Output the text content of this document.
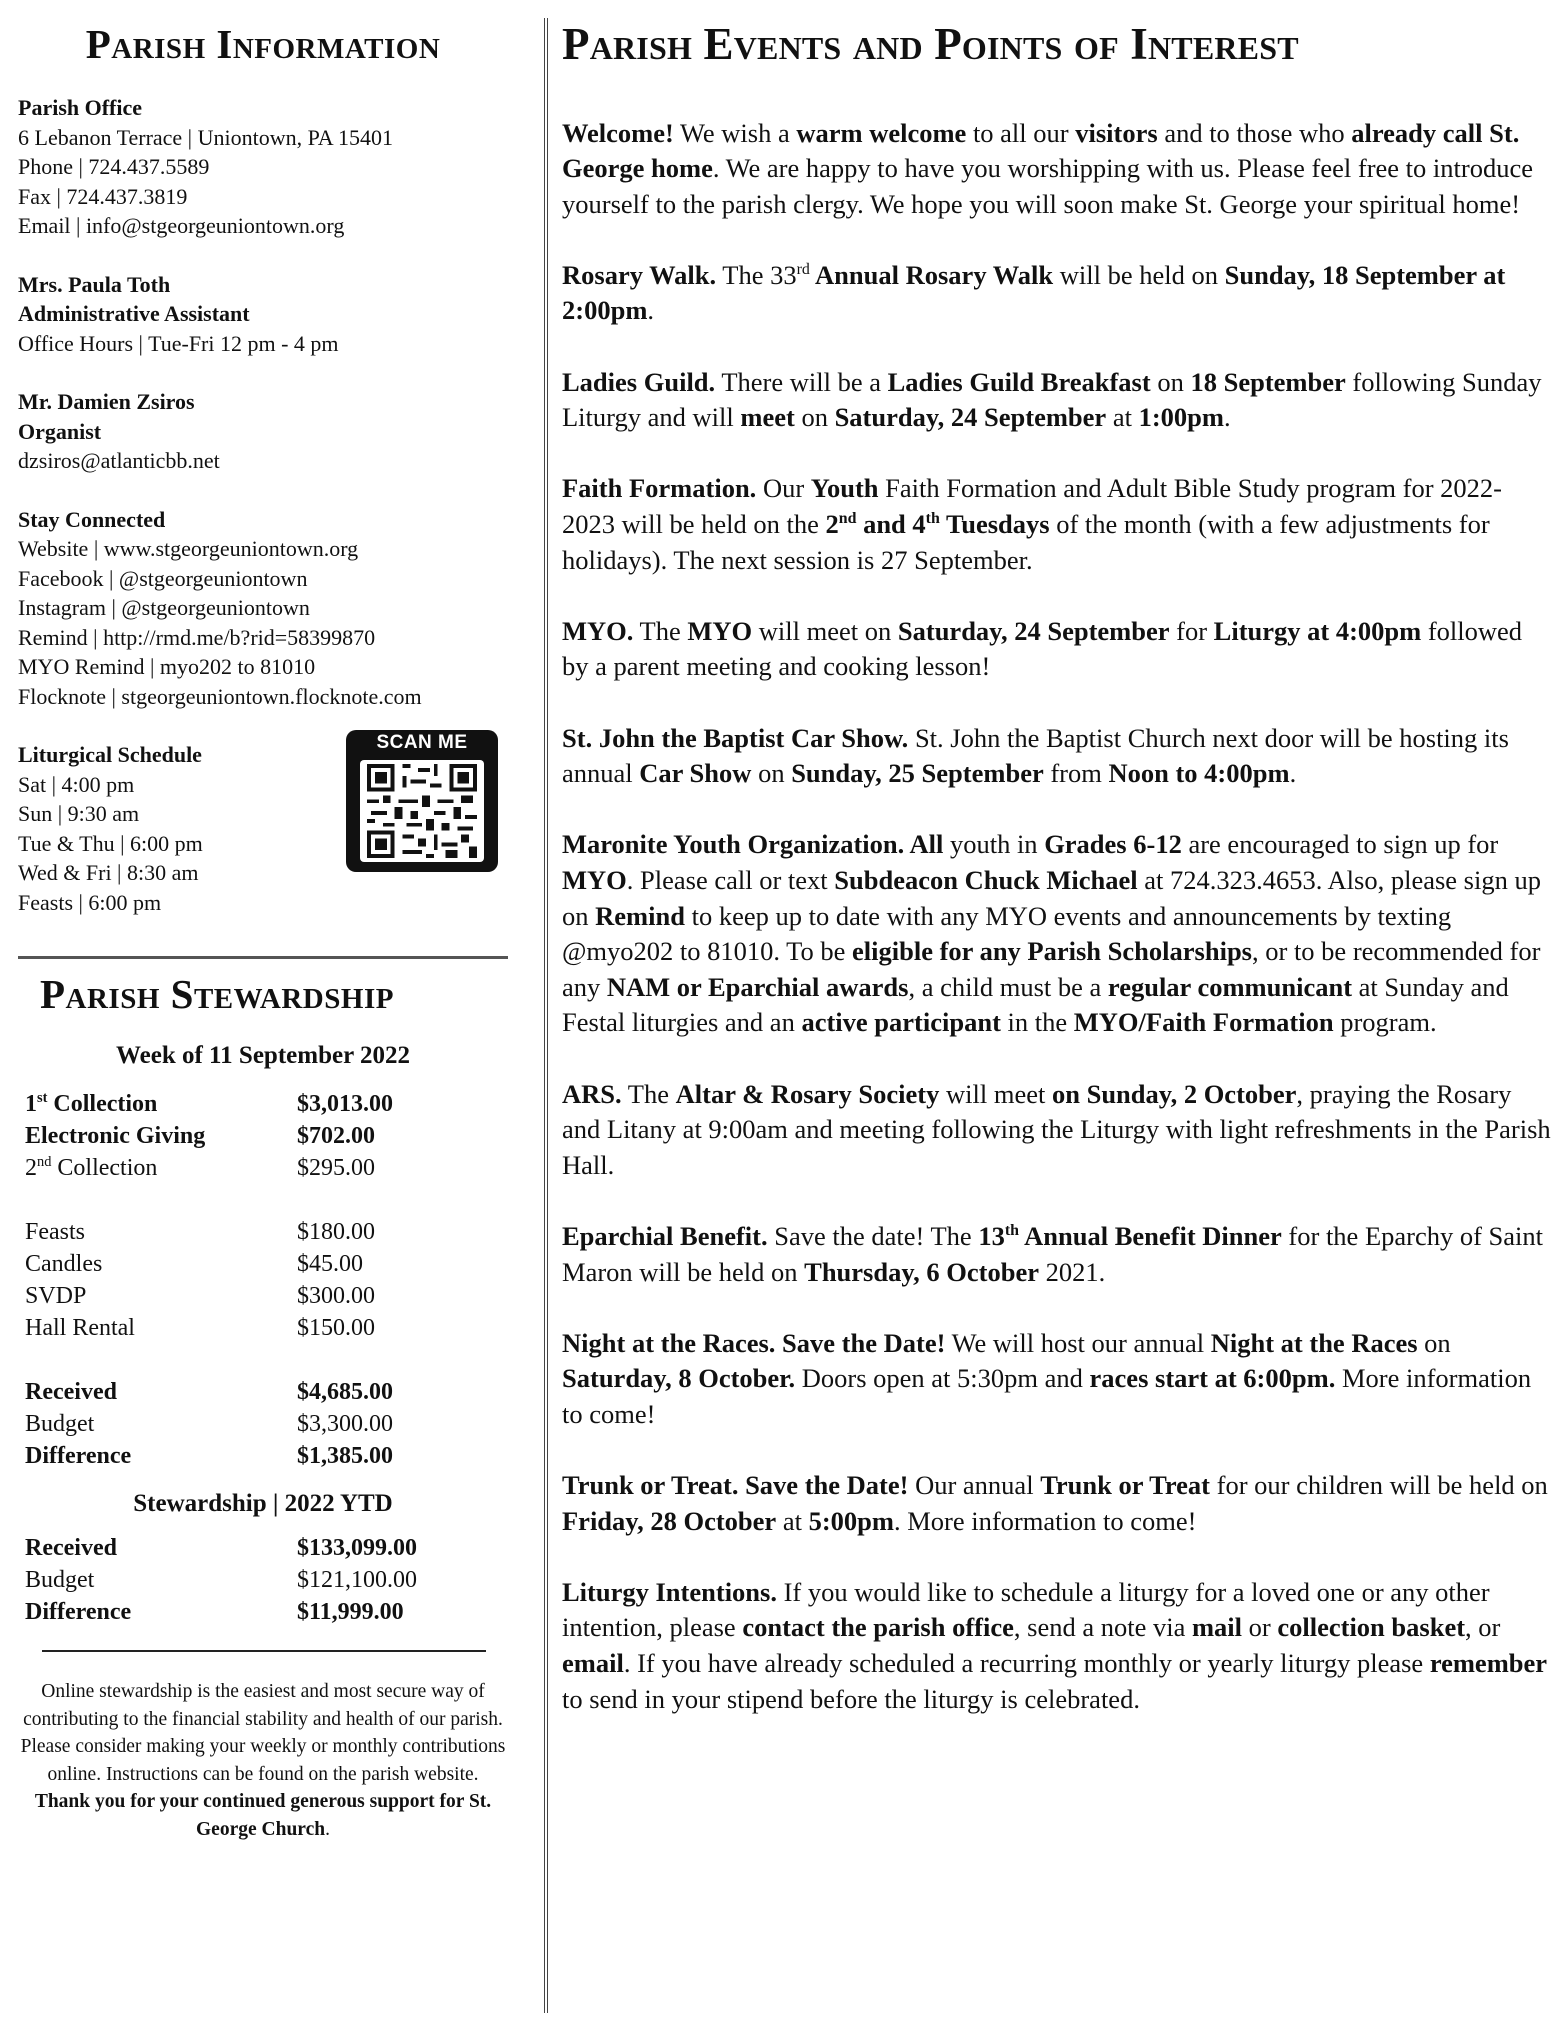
Parish Information

Parish Office

6 Lebanon Terrace | Uniontown, PA 15401

Phone | 724.437.5589

Fax | 724.437.3819

Email | info@stgeorgeuniontown.org

Mrs. Paula Toth

Administrative Assistant

Office Hours | Tue-Fri 12 pm - 4 pm

Mr. Damien Zsiros

Organist

dzsiros@atlanticbb.net

Stay Connected

Website | www.stgeorgeuniontown.org

Facebook | @stgeorgeuniontown

Instagram | @stgeorgeuniontown

Remind | http://rmd.me/b?rid=58399870

MYO Remind | myo202 to 81010

Flocknote | stgeorgeuniontown.flocknote.com

Liturgical Schedule

Sat | 4:00 pm

Sun | 9:30 am

Tue & Thu | 6:00 pm

Wed & Fri | 8:30 am

Feasts | 6:00 pm

SCAN ME
Parish Stewardship
Week of 11 September 2022
1st Collection	$3,013.00
Electronic Giving	$702.00
2nd Collection	$295.00

Feasts	$180.00
Candles	$45.00
SVDP	$300.00
Hall Rental	$150.00

Received	$4,685.00
Budget	$3,300.00
Difference	$1,385.00
Stewardship | 2022 YTD
Received	$133,099.00
Budget	$121,100.00
Difference	$11,999.00
Online stewardship is the easiest and most secure way of contributing to the financial stability and health of our parish. Please consider making your weekly or monthly contributions online. Instructions can be found on the parish website.
Thank you for your continued generous support for St. George Church.
Parish Events and Points of Interest

Welcome! We wish a warm welcome to all our visitors and to those who already call St. George home. We are happy to have you worshipping with us. Please feel free to introduce yourself to the parish clergy. We hope you will soon make St. George your spiritual home!

Rosary Walk. The 33rd Annual Rosary Walk will be held on Sunday, 18 September at 2:00pm.

Ladies Guild. There will be a Ladies Guild Breakfast on 18 September following Sunday Liturgy and will meet on Saturday, 24 September at 1:00pm.

Faith Formation. Our Youth Faith Formation and Adult Bible Study program for 2022-2023 will be held on the 2nd and 4th Tuesdays of the month (with a few adjustments for holidays). The next session is 27 September.

MYO. The MYO will meet on Saturday, 24 September for Liturgy at 4:00pm followed by a parent meeting and cooking lesson!

St. John the Baptist Car Show. St. John the Baptist Church next door will be hosting its annual Car Show on Sunday, 25 September from Noon to 4:00pm.

Maronite Youth Organization. All youth in Grades 6-12 are encouraged to sign up for MYO. Please call or text Subdeacon Chuck Michael at 724.323.4653. Also, please sign up on Remind to keep up to date with any MYO events and announcements by texting @myo202 to 81010. To be eligible for any Parish Scholarships, or to be recommended for any NAM or Eparchial awards, a child must be a regular communicant at Sunday and Festal liturgies and an active participant in the MYO/Faith Formation program.

ARS. The Altar & Rosary Society will meet on Sunday, 2 October, praying the Rosary and Litany at 9:00am and meeting following the Liturgy with light refreshments in the Parish Hall.

Eparchial Benefit. Save the date! The 13th Annual Benefit Dinner for the Eparchy of Saint Maron will be held on Thursday, 6 October 2021.

Night at the Races. Save the Date! We will host our annual Night at the Races on Saturday, 8 October. Doors open at 5:30pm and races start at 6:00pm. More information to come!

Trunk or Treat. Save the Date! Our annual Trunk or Treat for our children will be held on Friday, 28 October at 5:00pm. More information to come!

Liturgy Intentions. If you would like to schedule a liturgy for a loved one or any other intention, please contact the parish office, send a note via mail or collection basket, or email. If you have already scheduled a recurring monthly or yearly liturgy please remember to send in your stipend before the liturgy is celebrated.
